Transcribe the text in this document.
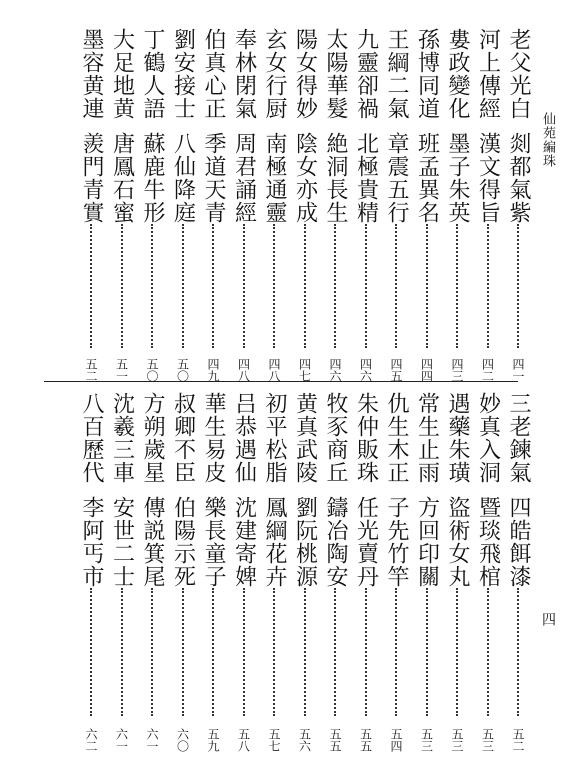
仙苑編珠
四
老父光白
剡都氣紫
四一
河上傳經
漢文得旨
四二
婁政變化
墨子朱英
四三
孫博同道
班孟異名
四四
王綱二氣
章震五行
四五
九靈卻禍
北極貴精
四六
太陽華髮
絶洞長生
四六
陽女得妙
陰女亦成
四七
玄女行厨
南極通靈
四八
奉林閉氣
周君誦經
四八
伯真心正
季道天青
四九
劉安接士
八仙降庭
五〇
丁鶴人語
蘇鹿牛形
五〇
大足地黄
唐鳳石蜜
五一
墨容黄連
羨門青實
五二
三老鍊氣
四皓餌漆
五二
妙真入洞
暨琰飛棺
五三
遇藥朱璜
盜術女丸
五三
常生止雨
方回印關
五三
仇生木正
子先竹竿
五四
朱仲販珠
任光賣丹
五五
牧豕商丘
鑄冶陶安
五五
黄真武陵
劉阮桃源
五六
初平松脂
鳳綱花卉
五七
吕恭遇仙
沈建寄婢
五八
華生易皮
樂長童子
五九
叔卿不臣
伯陽示死
六〇
方朔歲星
傳説箕尾
六一
沈羲三車
安世二士
六一
八百歷代
李阿丐市
六二
